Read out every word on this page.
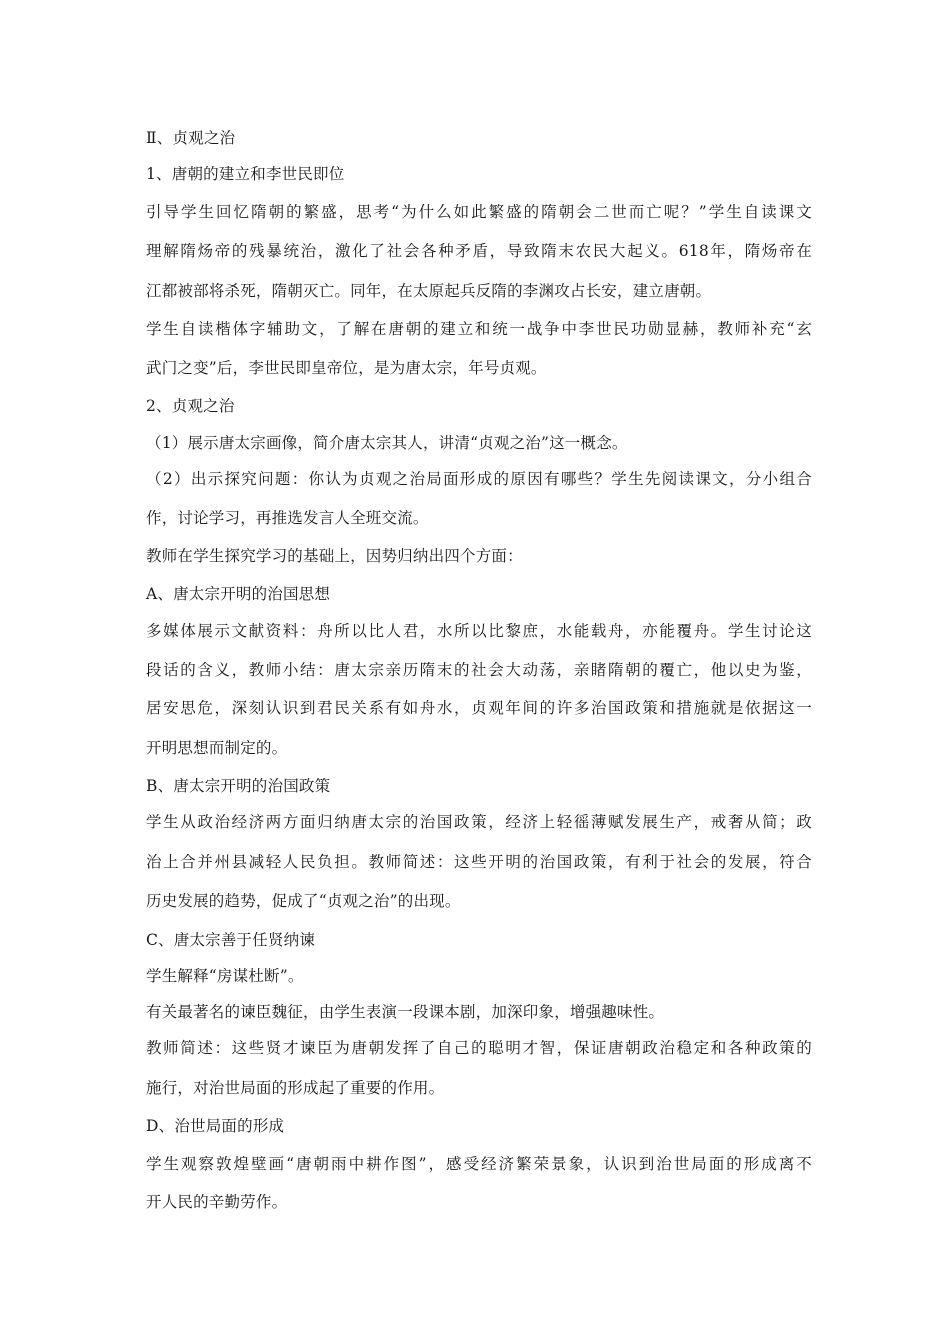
Ⅱ、贞观之治
1、唐朝的建立和李世民即位
引导学生回忆隋朝的繁盛，思考“为什么如此繁盛的隋朝会二世而亡呢？”学生自读课文
理解隋炀帝的残暴统治，激化了社会各种矛盾，导致隋末农民大起义。618年，隋炀帝在
江都被部将杀死，隋朝灭亡。同年，在太原起兵反隋的李渊攻占长安，建立唐朝。
学生自读楷体字辅助文，了解在唐朝的建立和统一战争中李世民功勋显赫，教师补充“玄
武门之变”后，李世民即皇帝位，是为唐太宗，年号贞观。
2、贞观之治
（1）展示唐太宗画像，简介唐太宗其人，讲清“贞观之治”这一概念。
（2）出示探究问题：你认为贞观之治局面形成的原因有哪些？学生先阅读课文，分小组合
作，讨论学习，再推选发言人全班交流。
教师在学生探究学习的基础上，因势归纳出四个方面：
A、唐太宗开明的治国思想
多媒体展示文献资料：舟所以比人君，水所以比黎庶，水能载舟，亦能覆舟。学生讨论这
段话的含义，教师小结：唐太宗亲历隋末的社会大动荡，亲睹隋朝的覆亡，他以史为鉴，
居安思危，深刻认识到君民关系有如舟水，贞观年间的许多治国政策和措施就是依据这一
开明思想而制定的。
B、唐太宗开明的治国政策
学生从政治经济两方面归纳唐太宗的治国政策，经济上轻徭薄赋发展生产，戒奢从简；政
治上合并州县减轻人民负担。教师简述：这些开明的治国政策，有利于社会的发展，符合
历史发展的趋势，促成了“贞观之治”的出现。
C、唐太宗善于任贤纳谏
学生解释“房谋杜断”。
有关最著名的谏臣魏征，由学生表演一段课本剧，加深印象，增强趣味性。
教师简述：这些贤才谏臣为唐朝发挥了自己的聪明才智，保证唐朝政治稳定和各种政策的
施行，对治世局面的形成起了重要的作用。
D、治世局面的形成
学生观察敦煌壁画“唐朝雨中耕作图”，感受经济繁荣景象，认识到治世局面的形成离不
开人民的辛勤劳作。
